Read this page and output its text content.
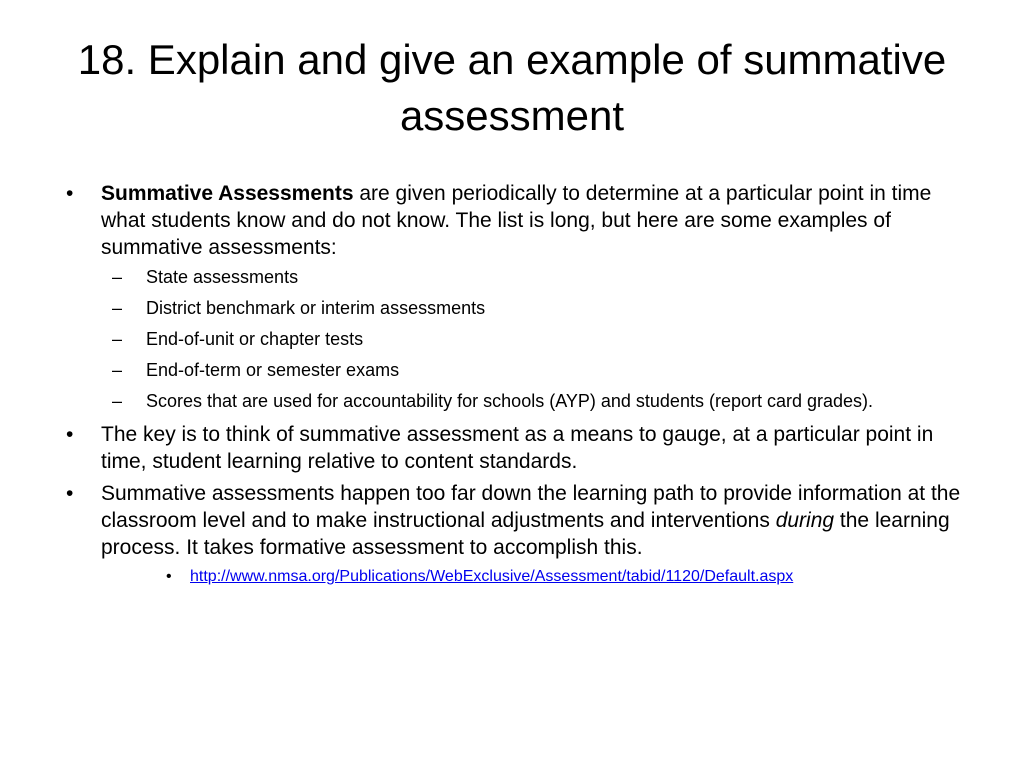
18. Explain and give an example of summative assessment
•	Summative Assessments are given periodically to determine at a particular point in time what students know and do not know. The list is long, but here are some examples of summative assessments:
– State assessments
– District benchmark or interim assessments
– End-of-unit or chapter tests
– End-of-term or semester exams
– Scores that are used for accountability for schools (AYP) and students (report card grades).
•	The key is to think of summative assessment as a means to gauge, at a particular point in time, student learning relative to content standards.
•	Summative assessments happen too far down the learning path to provide information at the classroom level and to make instructional adjustments and interventions during the learning process. It takes formative assessment to accomplish this.
• http://www.nmsa.org/Publications/WebExclusive/Assessment/tabid/1120/Default.aspx
